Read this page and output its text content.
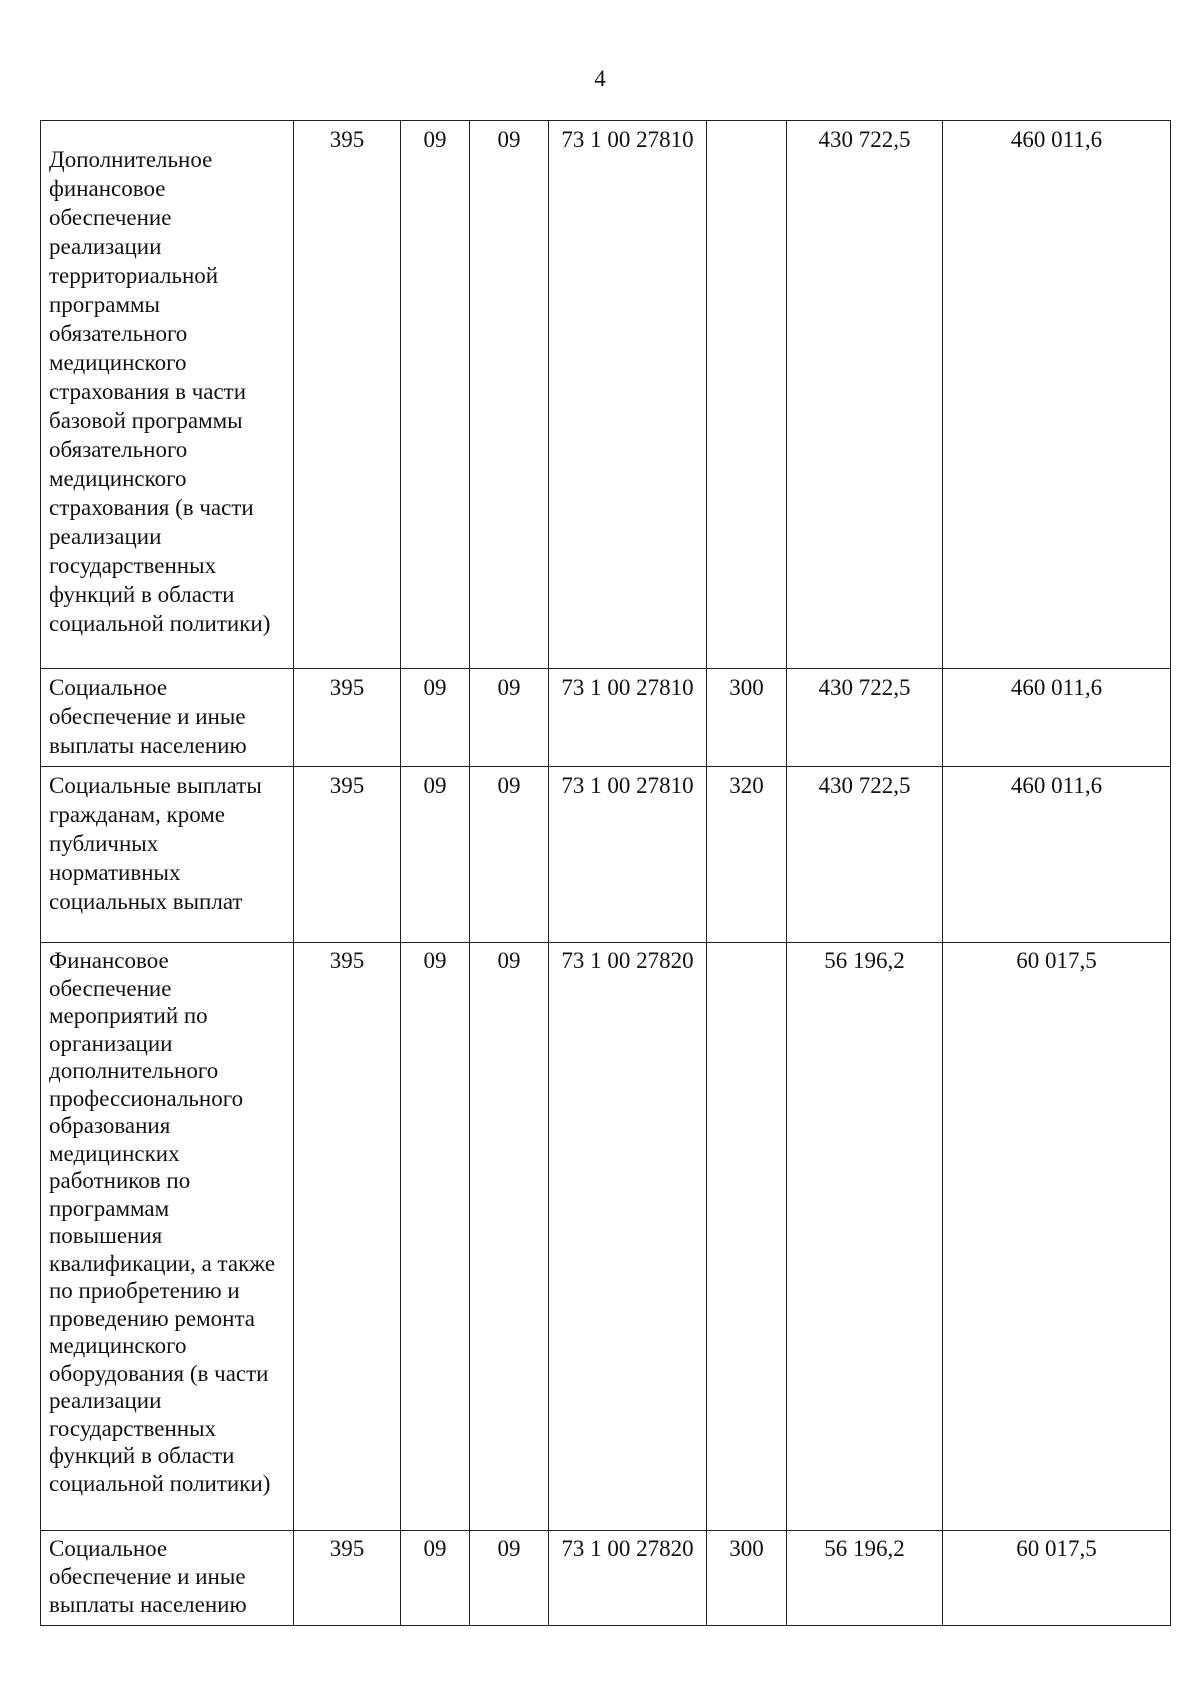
4
Дополнительное финансовое обеспечение реализации территориальной программы обязательного медицинского страхования в части базовой программы обязательного медицинского страхования (в части реализации государственных функций в области социальной политики)	395	09	09	73 1 00 27810		430 722,5	460 011,6
Социальное обеспечение и иные выплаты населению	395	09	09	73 1 00 27810	300	430 722,5	460 011,6
Социальные выплаты гражданам, кроме публичных нормативных социальных выплат	395	09	09	73 1 00 27810	320	430 722,5	460 011,6
Финансовое обеспечение мероприятий по организации дополнительного профессионального образования медицинских работников по программам повышения квалификации, а также по приобретению и проведению ремонта медицинского оборудования (в части реализации государственных функций в области социальной политики)	395	09	09	73 1 00 27820		56 196,2	60 017,5
Социальное обеспечение и иные выплаты населению	395	09	09	73 1 00 27820	300	56 196,2	60 017,5
